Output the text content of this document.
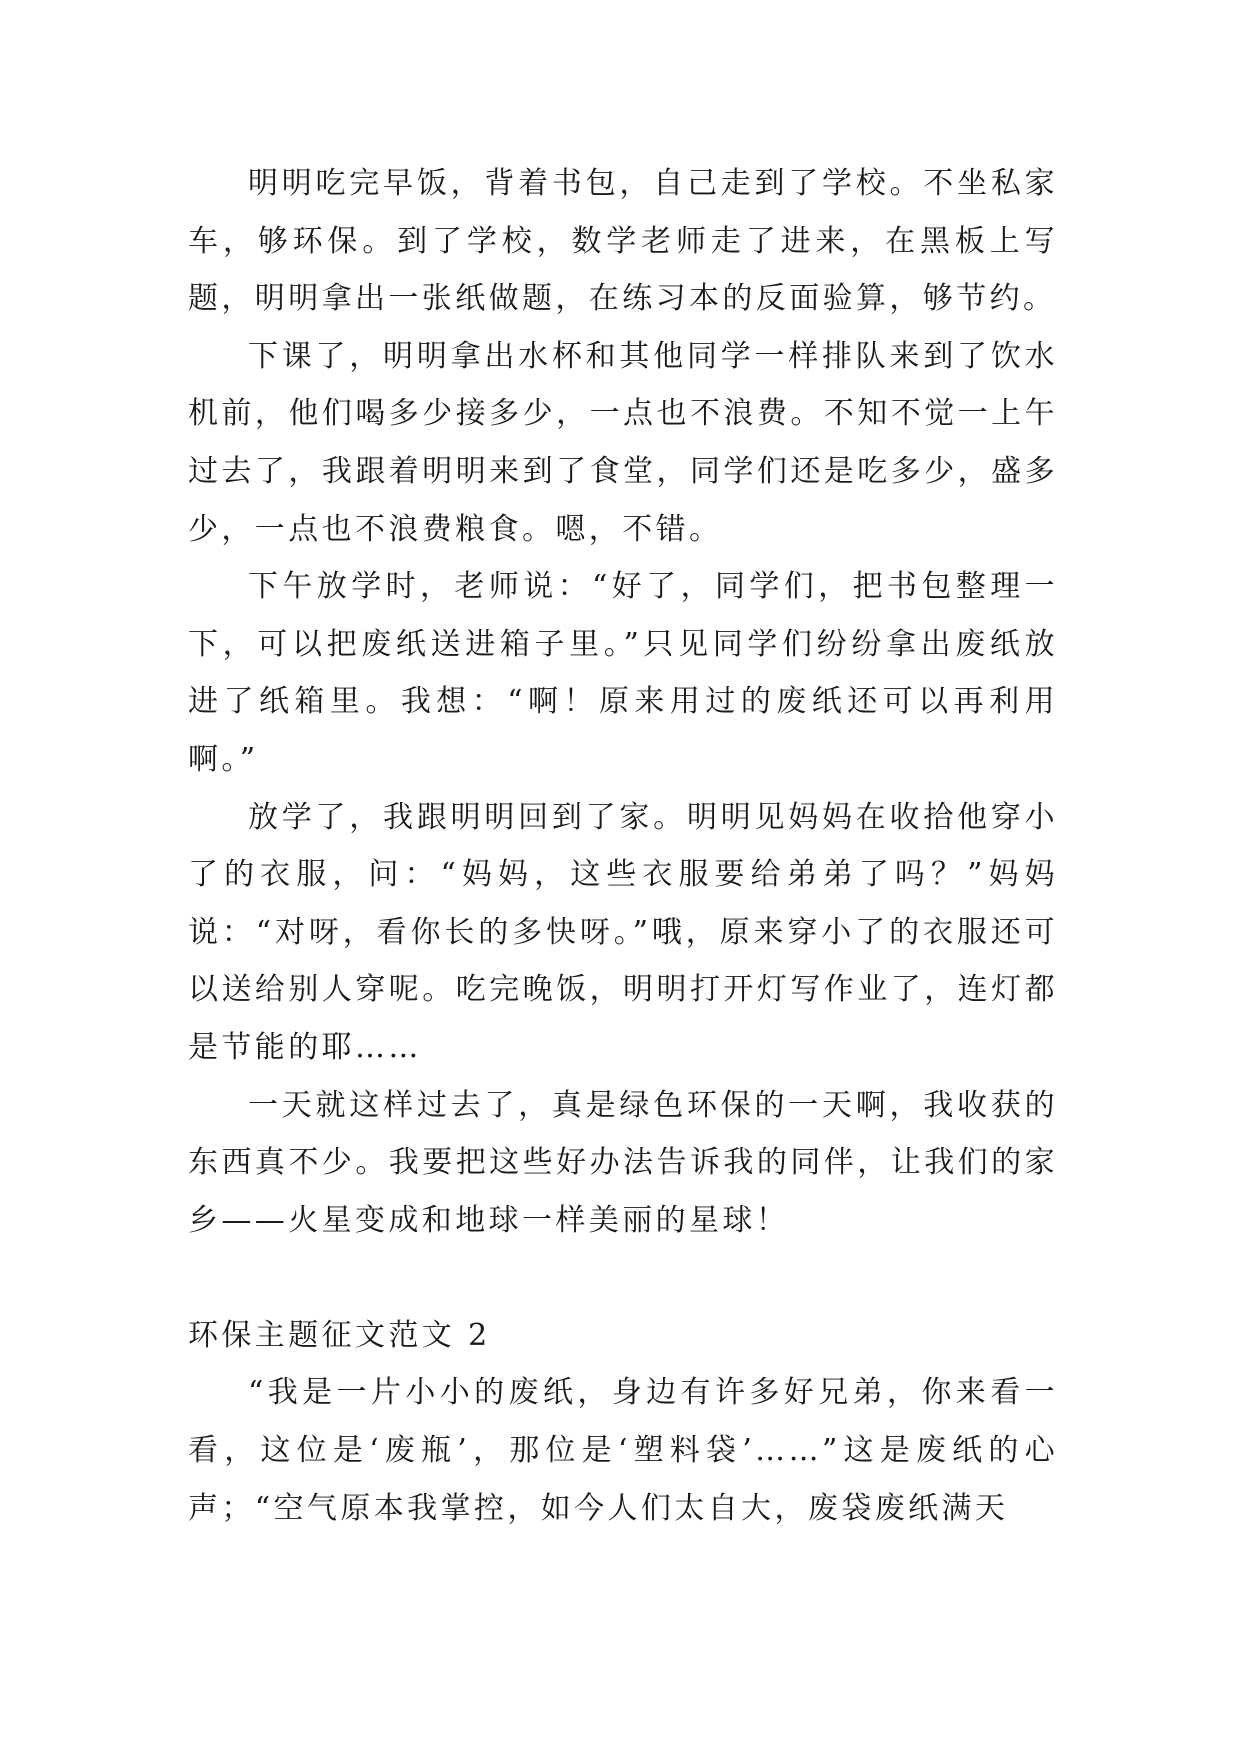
明明吃完早饭，背着书包，自己走到了学校。不坐私家车，够环保。到了学校，数学老师走了进来，在黑板上写题，明明拿出一张纸做题，在练习本的反面验算，够节约。

下课了，明明拿出水杯和其他同学一样排队来到了饮水机前，他们喝多少接多少，一点也不浪费。不知不觉一上午过去了，我跟着明明来到了食堂，同学们还是吃多少，盛多少，一点也不浪费粮食。嗯，不错。

下午放学时，老师说：“好了，同学们，把书包整理一下，可以把废纸送进箱子里。”只见同学们纷纷拿出废纸放进了纸箱里。我想：“啊！原来用过的废纸还可以再利用啊。”

放学了，我跟明明回到了家。明明见妈妈在收拾他穿小了的衣服，问：“妈妈，这些衣服要给弟弟了吗？”妈妈说：“对呀，看你长的多快呀。”哦，原来穿小了的衣服还可以送给别人穿呢。吃完晚饭，明明打开灯写作业了，连灯都是节能的耶……

一天就这样过去了，真是绿色环保的一天啊，我收获的东西真不少。我要把这些好办法告诉我的同伴，让我们的家乡——火星变成和地球一样美丽的星球！

环保主题征文范文 2

“我是一片小小的废纸，身边有许多好兄弟，你来看一看，这位是‘废瓶’，那位是‘塑料袋’……”这是废纸的心声；“空气原本我掌控，如今人们太自大，废袋废纸满天
